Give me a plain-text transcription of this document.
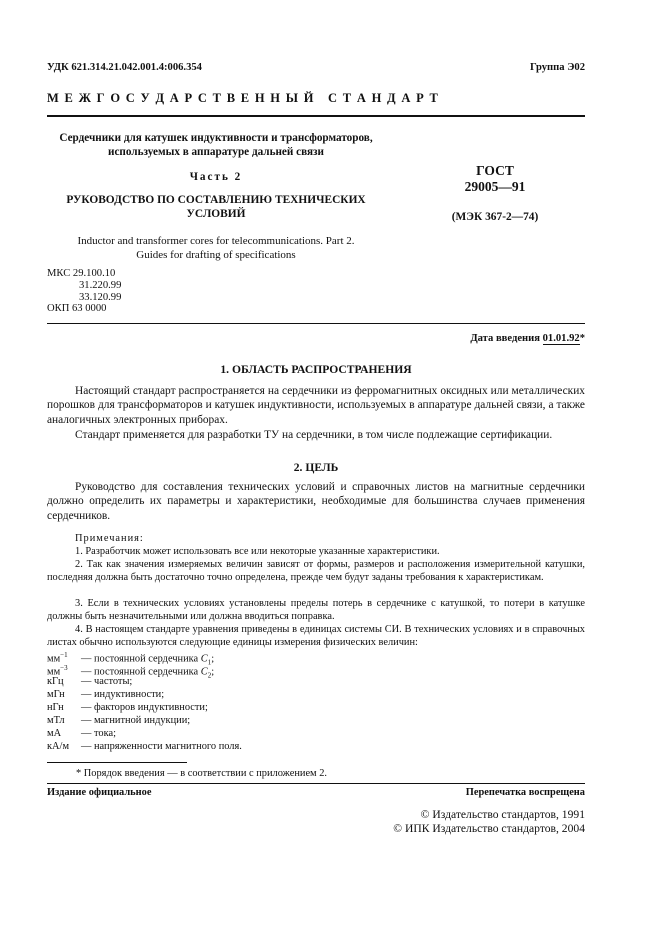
УДК 621.314.21.042.001.4:006.354	Группа Э02
М Е Ж Г О С У Д А Р С Т В Е Н Н Ы Й   С Т А Н Д А Р Т
Сердечники для катушек индуктивности и трансформаторов,
используемых в аппаратуре дальней связи
Часть 2
РУКОВОДСТВО ПО СОСТАВЛЕНИЮ ТЕХНИЧЕСКИХ
УСЛОВИЙ
Inductor and transformer cores for telecommunications. Part 2.
Guides for drafting of specifications
ГОСТ
29005—91
(МЭК 367-2—74)
МКС 29.100.10
31.220.99
33.120.99
ОКП 63 0000
Дата введения 01.01.92*
1. ОБЛАСТЬ РАСПРОСТРАНЕНИЯ
Настоящий стандарт распространяется на сердечники из ферромагнитных оксидных или металлических порошков для трансформаторов и катушек индуктивности, используемых в аппаратуре дальней связи, а также аналогичных электронных приборах.
Стандарт применяется для разработки ТУ на сердечники, в том числе подлежащие сертификации.
2. ЦЕЛЬ
Руководство для составления технических условий и справочных листов на магнитные сердечники должно определить их параметры и характеристики, необходимые для большинства случаев применения сердечников.
Примечания:
1. Разработчик может использовать все или некоторые указанные характеристики.
2. Так как значения измеряемых величин зависят от формы, размеров и расположения измерительной катушки, последняя должна быть достаточно точно определена, прежде чем будут заданы требования к характеристикам.
3. Если в технических условиях установлены пределы потерь в сердечнике с катушкой, то потери в катушке должны быть незначительными или должна вводиться поправка.
4. В настоящем стандарте уравнения приведены в единицах системы СИ. В технических условиях и в справочных листах обычно используются следующие единицы измерения физических величин:
$мм^{-1}$ — постоянной сердечника $C_1$;
$мм^{-3}$ — постоянной сердечника $C_2$;
кГц — частоты;
мГн — индуктивности;
нГн — факторов индуктивности;
мТл — магнитной индукции;
мА — тока;
кА/м — напряженности магнитного поля.
* Порядок введения — в соответствии с приложением 2.
Издание официальное	Перепечатка воспрещена
© Издательство стандартов, 1991
© ИПК Издательство стандартов, 2004
